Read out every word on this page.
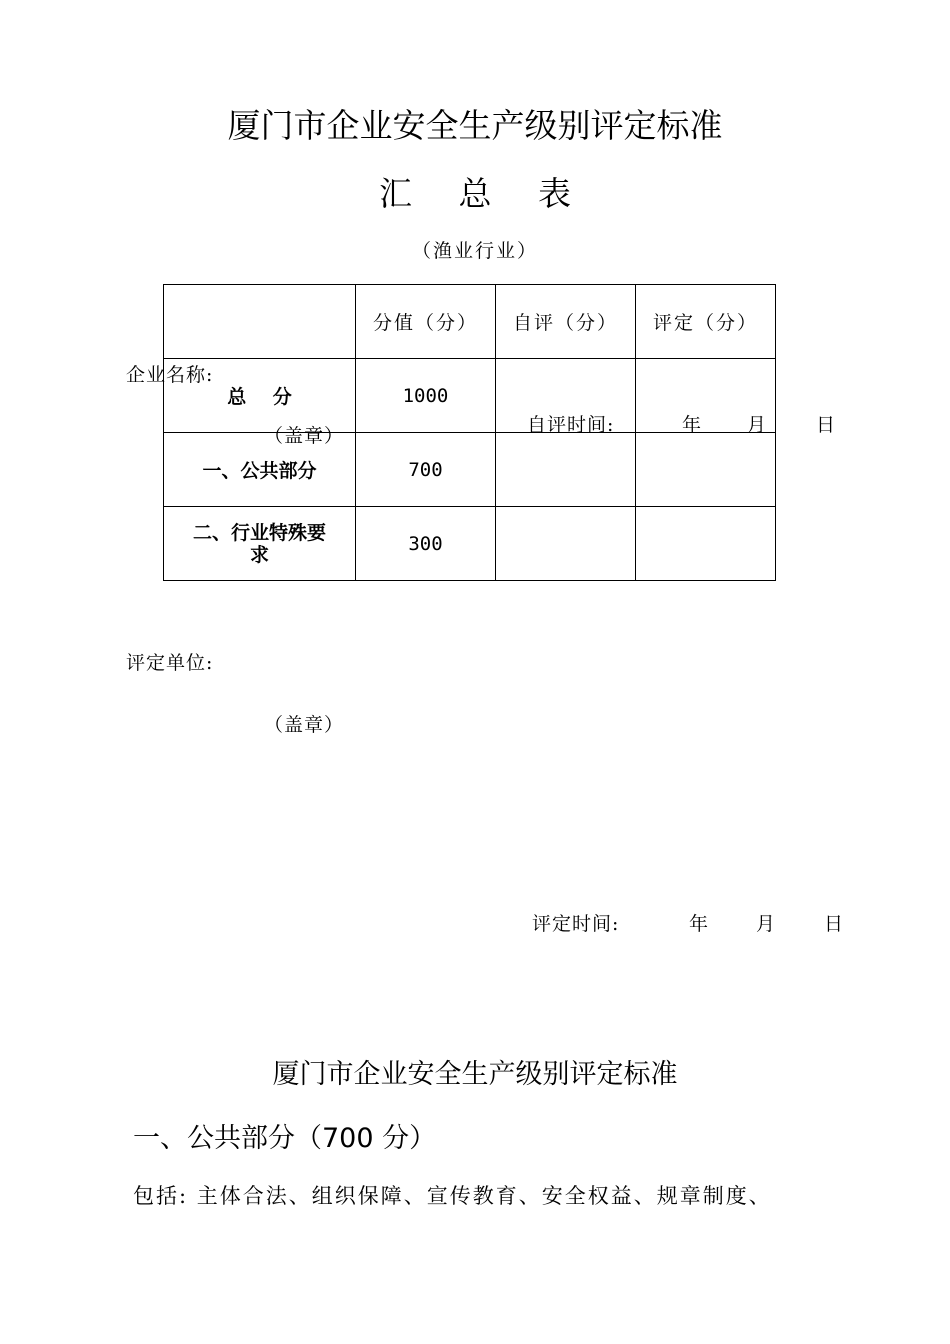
厦门市企业安全生产级别评定标准
汇 总 表
（渔业行业）
	分值（分）	自评（分）	评定（分）
总    分	1000		
一、公共部分	700		
二、行业特殊要求	300		
企业名称:
（盖章）	自评时间:	年 月	日
评定单位:
（盖章）
评定时间:	年 月	日
厦门市企业安全生产级别评定标准
一、公共部分（700 分）
包括: 主体合法、组织保障、宣传教育、安全权益、规章制度、
